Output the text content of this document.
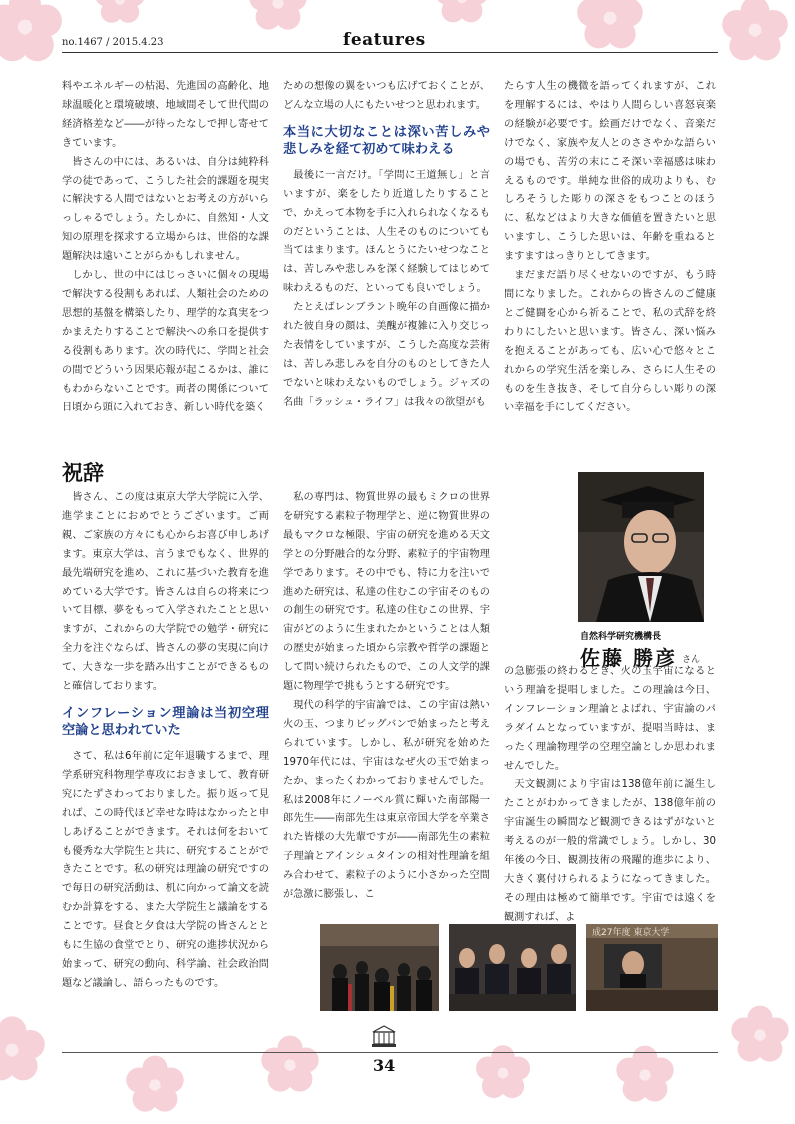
no.1467 / 2015.4.23	features

料やエネルギーの枯渇、先進国の高齢化、地球温暖化と環境破壊、地域間そして世代間の経済格差など――が待ったなしで押し寄せてきています。

皆さんの中には、あるいは、自分は純粋科学の徒であって、こうした社会的課題を現実に解決する人間ではないとお考えの方がいらっしゃるでしょう。たしかに、自然知・人文知の原理を探求する立場からは、世俗的な課題解決は遠いことがらかもしれません。

しかし、世の中にはじっさいに個々の現場で解決する役割もあれば、人類社会のための思想的基盤を構築したり、理学的な真実をつかまえたりすることで解決への糸口を提供する役割もあります。次の時代に、学問と社会の間でどういう因果応報が起こるかは、誰にもわからないことです。両者の関係について日頃から頭に入れておき、新しい時代を築く

ための想像の翼をいつも広げておくことが、どんな立場の人にもたいせつと思われます。

本当に大切なことは深い苦しみや悲しみを経て初めて味わえる

最後に一言だけ。「学問に王道無し」と言いますが、楽をしたり近道したりすることで、かえって本物を手に入れられなくなるものだということは、人生そのものについても当てはまります。ほんとうにたいせつなことは、苦しみや悲しみを深く経験してはじめて味わえるものだ、といっても良いでしょう。

たとえばレンブラント晩年の自画像に描かれた彼自身の顔は、美醜が複雑に入り交じった表情をしていますが、こうした高度な芸術は、苦しみ悲しみを自分のものとしてきた人でないと味わえないものでしょう。ジャズの名曲「ラッシュ・ライフ」は我々の欲望がも

たらす人生の機微を語ってくれますが、これを理解するには、やはり人間らしい喜怒哀楽の経験が必要です。絵画だけでなく、音楽だけでなく、家族や友人とのささやかな語らいの場でも、苦労の末にこそ深い幸福感は味わえるものです。単純な世俗的成功よりも、むしろそうした彫りの深さをもつことのほうに、私などはより大きな価値を置きたいと思いますし、こうした思いは、年齢を重ねるとますますはっきりとしてきます。

まだまだ語り尽くせないのですが、もう時間になりました。これからの皆さんのご健康とご健闘を心から祈ることで、私の式辞を終わりにしたいと思います。皆さん、深い悩みを抱えることがあっても、広い心で悠々とこれからの学究生活を楽しみ、さらに人生そのものを生き抜き、そして自分らしい彫りの深い幸福を手にしてください。

祝辞

皆さん、この度は東京大学大学院に入学、進学まことにおめでとうございます。ご両親、ご家族の方々にも心からお喜び申しあげます。東京大学は、言うまでもなく、世界的最先端研究を進め、これに基づいた教育を進めている大学です。皆さんは自らの将来について目標、夢をもって入学されたことと思いますが、これからの大学院での勉学・研究に全力を注ぐならば、皆さんの夢の実現に向けて、大きな一歩を踏み出すことができるものと確信しております。

インフレーション理論は当初空理空論と思われていた

さて、私は6年前に定年退職するまで、理学系研究科物理学専攻におきまして、教育研究にたずさわっておりました。振り返って見れば、この時代ほど幸せな時はなかったと申しあげることができます。それは何をおいても優秀な大学院生と共に、研究することができたことです。私の研究は理論の研究ですので毎日の研究活動は、机に向かって論文を読むか計算をする、また大学院生と議論をすることです。昼食と夕食は大学院の皆さんとともに生協の食堂でとり、研究の進捗状況から始まって、研究の動向、科学論、社会政治問題など議論し、語らったものです。

私の専門は、物質世界の最もミクロの世界を研究する素粒子物理学と、逆に物質世界の最もマクロな極限、宇宙の研究を進める天文学との分野融合的な分野、素粒子的宇宙物理学であります。その中でも、特に力を注いで進めた研究は、私達の住むこの宇宙そのものの創生の研究です。私達の住むこの世界、宇宙がどのように生まれたかということは人類の歴史が始まった頃から宗教や哲学の課題として問い続けられたもので、この人文学的課題に物理学で挑もうとする研究です。

現代の科学的宇宙論では、この宇宙は熱い火の玉、つまりビッグバンで始まったと考えられています。しかし、私が研究を始めた1970年代には、宇宙はなぜ火の玉で始まったか、まったくわかっておりませんでした。私は2008年にノーベル賞に輝いた南部陽一郎先生――南部先生は東京帝国大学を卒業された皆様の大先輩ですが――南部先生の素粒子理論とアインシュタインの相対性理論を組み合わせて、素粒子のように小さかった空間が急激に膨張し、こ

の急膨張の終わるとき、火の玉宇宙になるという理論を提唱しました。この理論は今日、インフレーション理論とよばれ、宇宙論のパラダイムとなっていますが、提唱当時は、まったく理論物理学の空理空論としか思われませんでした。

天文観測により宇宙は138億年前に誕生したことがわかってきましたが、138億年前の宇宙誕生の瞬間など観測できるはずがないと考えるのが一般的常識でしょう。しかし、30年後の今日、観測技術の飛躍的進歩により、大きく裏付けられるようになってきました。その理由は極めて簡単です。宇宙では遠くを観測すれば、よ

自然科学研究機構長
佐藤 勝彦 さん
成27年度 東京大学
34
